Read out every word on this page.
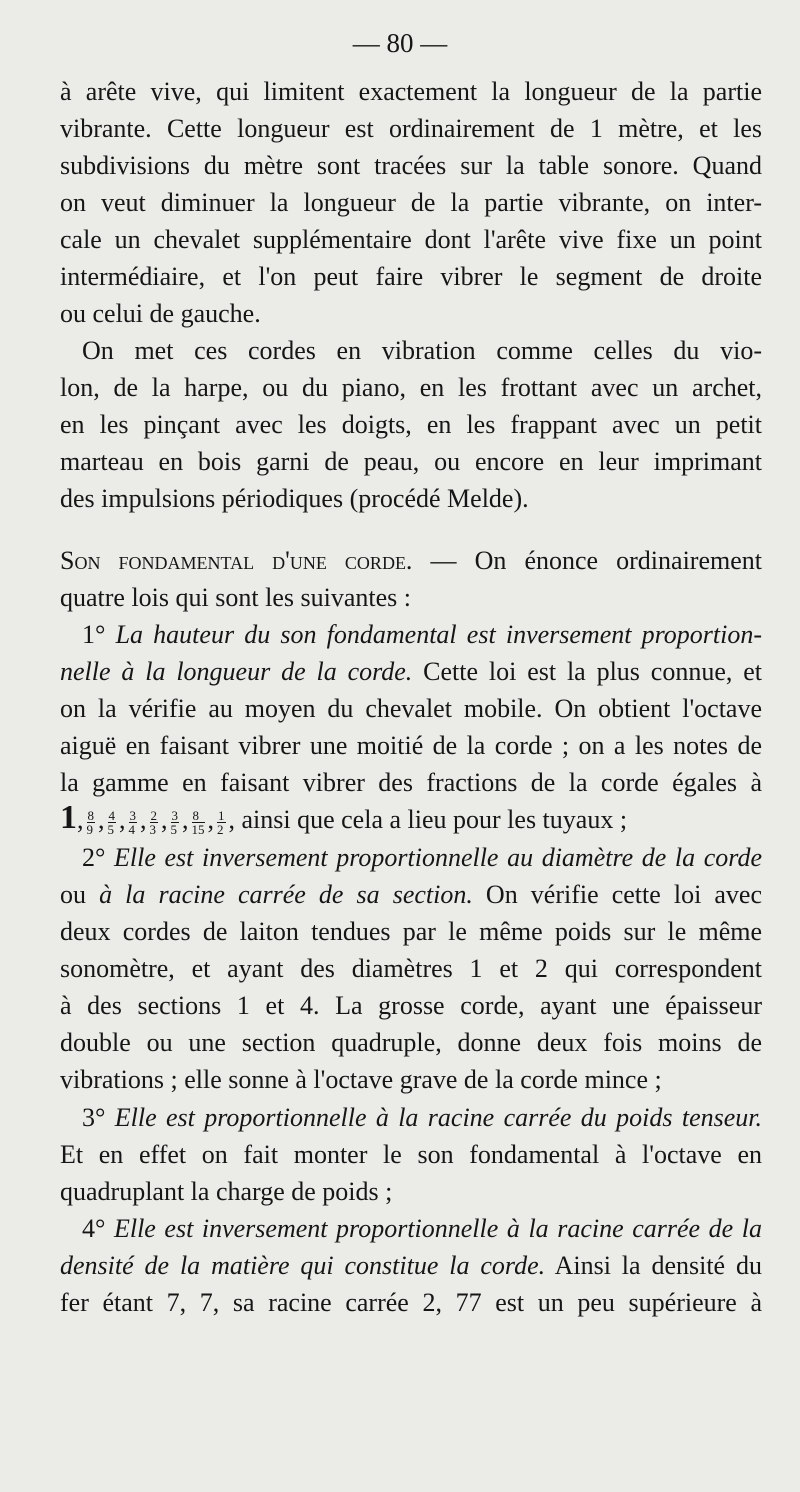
— 80 —
à arête vive, qui limitent exactement la longueur de la partie
vibrante. Cette longueur est ordinairement de 1 mètre, et les
subdivisions du mètre sont tracées sur la table sonore. Quand
on veut diminuer la longueur de la partie vibrante, on inter-
cale un chevalet supplémentaire dont l'arête vive fixe un point
intermédiaire, et l'on peut faire vibrer le segment de droite
ou celui de gauche.
On met ces cordes en vibration comme celles du vio-
lon, de la harpe, ou du piano, en les frottant avec un archet,
en les pinçant avec les doigts, en les frappant avec un petit
marteau en bois garni de peau, ou encore en leur imprimant
des impulsions périodiques (procédé Melde).
Son fondamental d'une corde. — On énonce ordinairement
quatre lois qui sont les suivantes :
1° La hauteur du son fondamental est inversement proportion-
nelle à la longueur de la corde. Cette loi est la plus connue, et
on la vérifie au moyen du chevalet mobile. On obtient l'octave
aiguë en faisant vibrer une moitié de la corde ; on a les notes de
la gamme en faisant vibrer des fractions de la corde égales à
1, $\frac{8}{9}$ , $\frac{4}{5}$ , $\frac{3}{4}$ , $\frac{2}{3}$ , $\frac{3}{5}$ , $\frac{8}{15}$ , $\frac{1}{2}$ , ainsi que cela a lieu pour les tuyaux ;
2° Elle est inversement proportionnelle au diamètre de la corde
ou à la racine carrée de sa section. On vérifie cette loi avec
deux cordes de laiton tendues par le même poids sur le même
sonomètre, et ayant des diamètres 1 et 2 qui correspondent
à des sections 1 et 4. La grosse corde, ayant une épaisseur
double ou une section quadruple, donne deux fois moins de
vibrations ; elle sonne à l'octave grave de la corde mince ;
3° Elle est proportionnelle à la racine carrée du poids tenseur.
Et en effet on fait monter le son fondamental à l'octave en
quadruplant la charge de poids ;
4° Elle est inversement proportionnelle à la racine carrée de la
densité de la matière qui constitue la corde. Ainsi la densité du
fer étant 7, 7, sa racine carrée 2, 77 est un peu supérieure à
